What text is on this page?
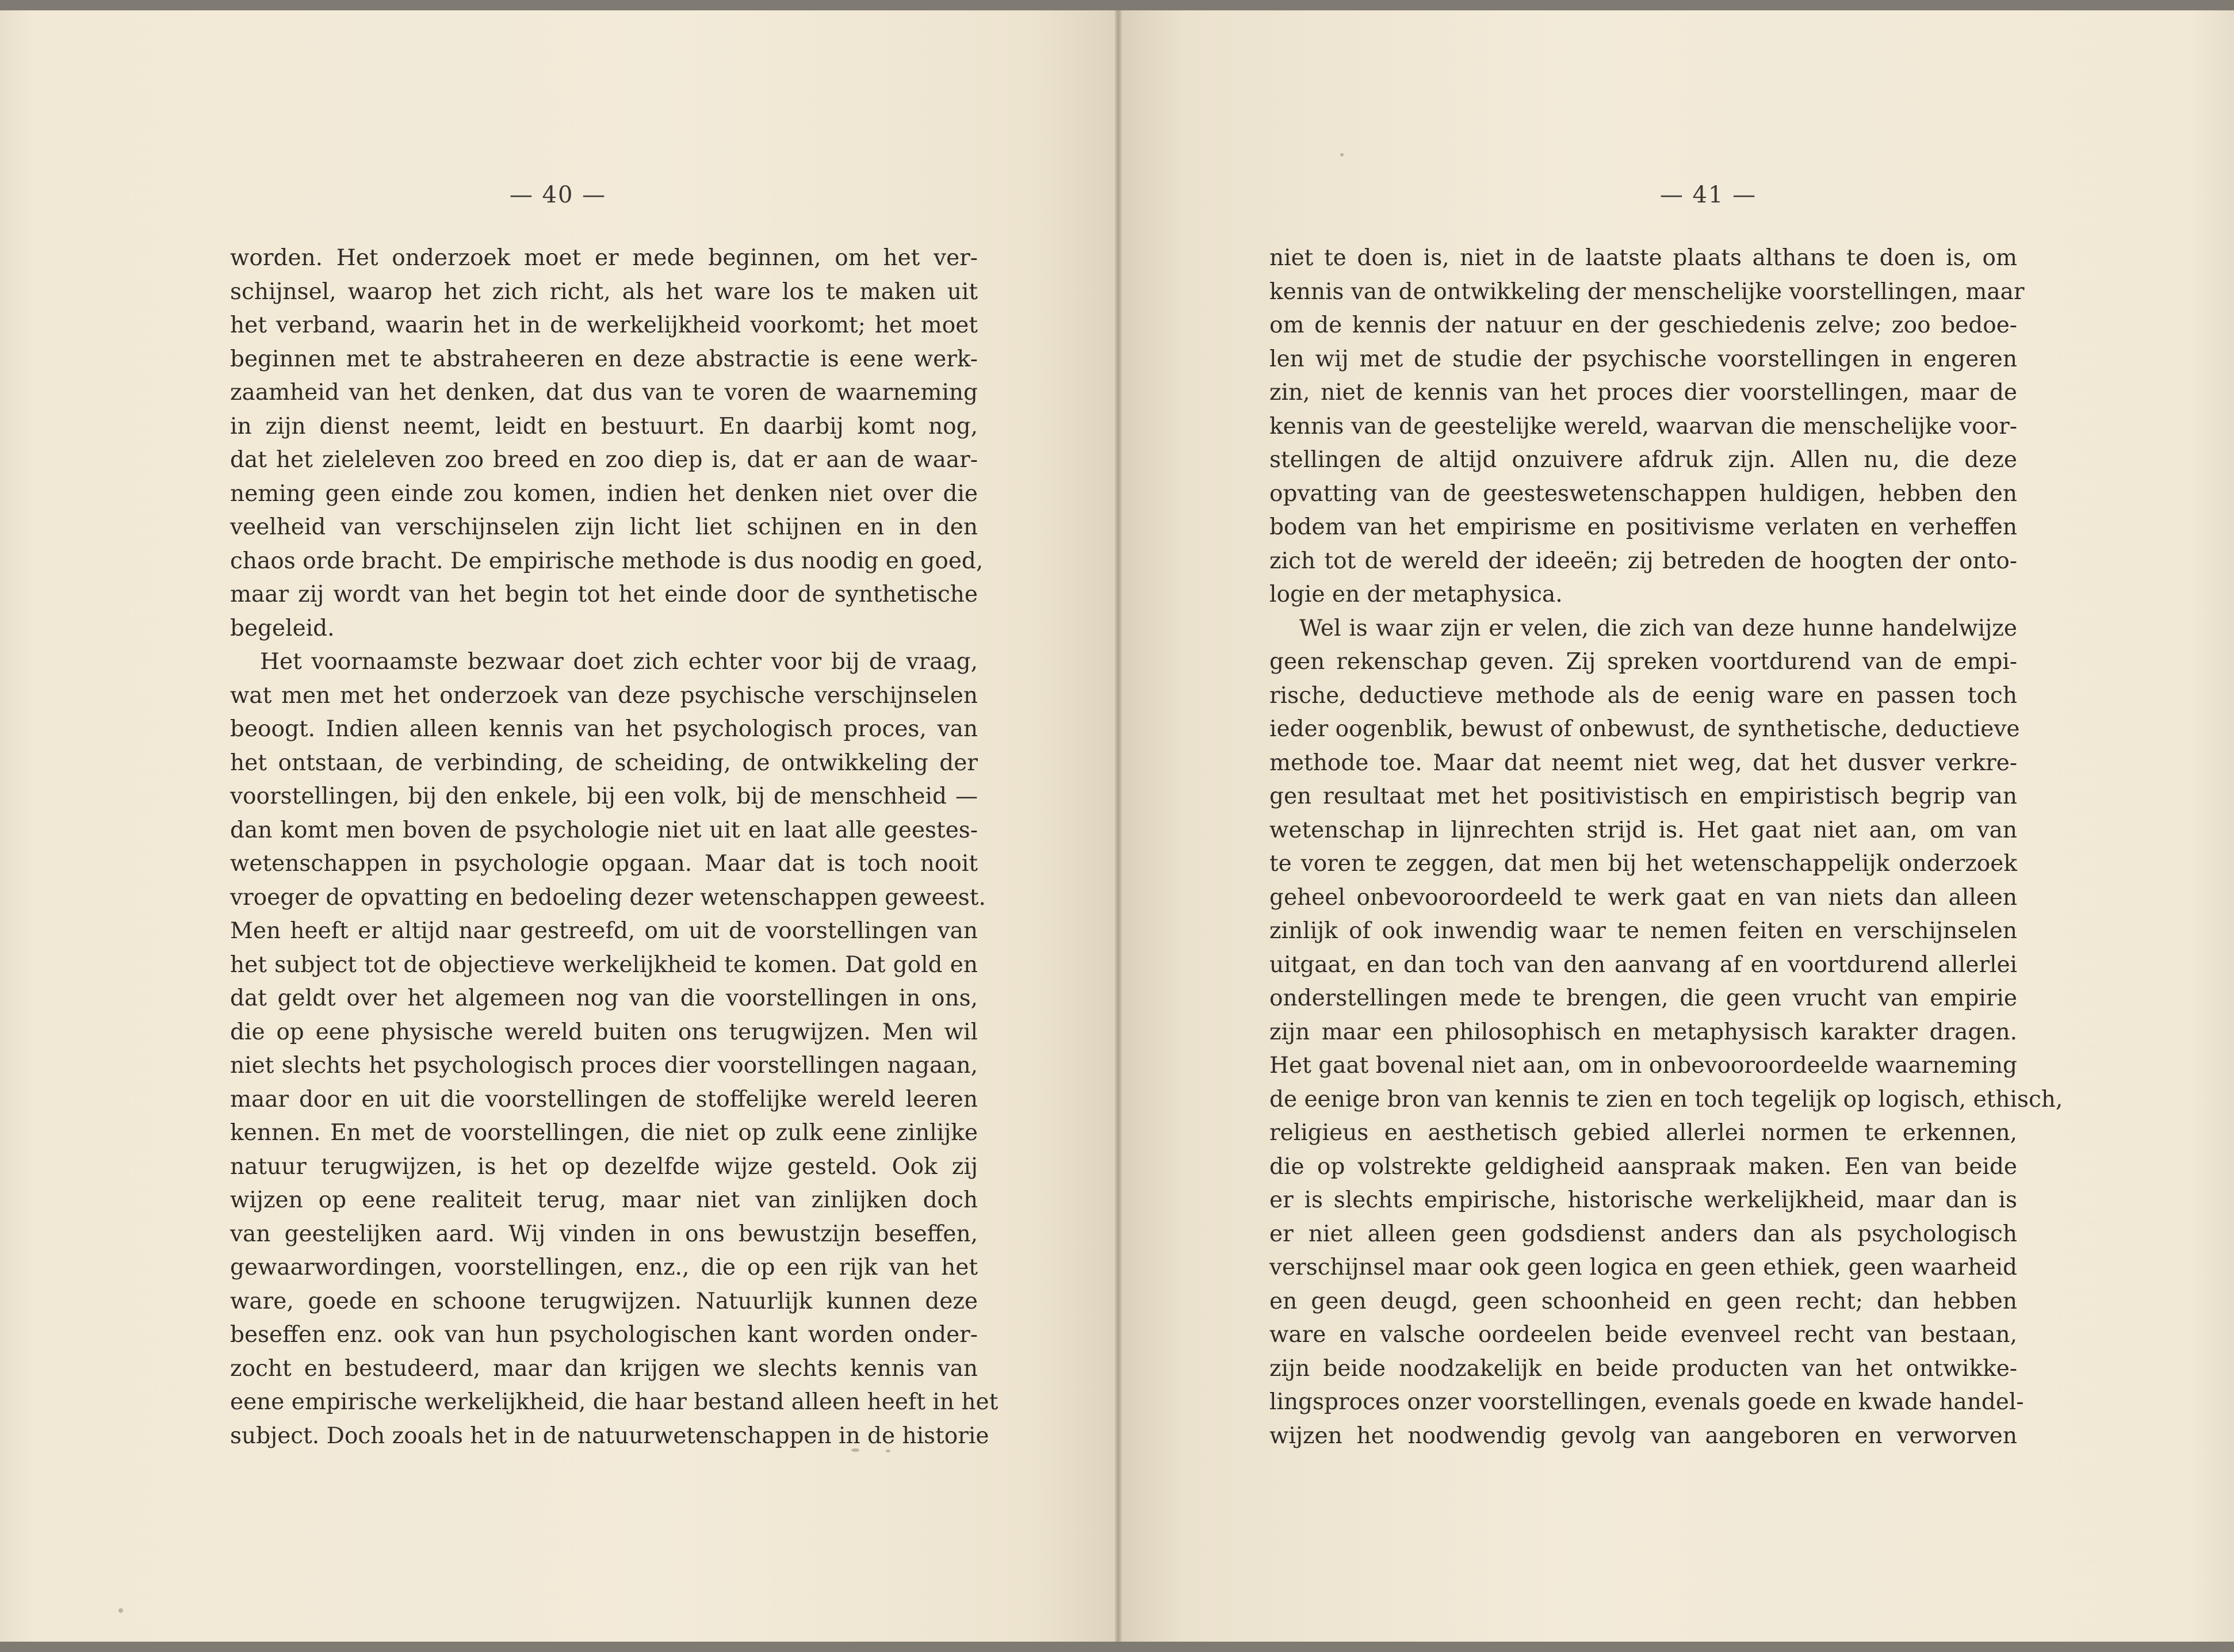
— 40 —
worden. Het onderzoek moet er mede beginnen, om het ver-
schijnsel, waarop het zich richt, als het ware los te maken uit
het verband, waarin het in de werkelijkheid voorkomt; het moet
beginnen met te abstraheeren en deze abstractie is eene werk-
zaamheid van het denken, dat dus van te voren de waarneming
in zijn dienst neemt, leidt en bestuurt. En daarbij komt nog,
dat het zieleleven zoo breed en zoo diep is, dat er aan de waar-
neming geen einde zou komen, indien het denken niet over die
veelheid van verschijnselen zijn licht liet schijnen en in den
chaos orde bracht. De empirische methode is dus noodig en goed,
maar zij wordt van het begin tot het einde door de synthetische
begeleid.
Het voornaamste bezwaar doet zich echter voor bij de vraag,
wat men met het onderzoek van deze psychische verschijnselen
beoogt. Indien alleen kennis van het psychologisch proces, van
het ontstaan, de verbinding, de scheiding, de ontwikkeling der
voorstellingen, bij den enkele, bij een volk, bij de menschheid —
dan komt men boven de psychologie niet uit en laat alle geestes-
wetenschappen in psychologie opgaan. Maar dat is toch nooit
vroeger de opvatting en bedoeling dezer wetenschappen geweest.
Men heeft er altijd naar gestreefd, om uit de voorstellingen van
het subject tot de objectieve werkelijkheid te komen. Dat gold en
dat geldt over het algemeen nog van die voorstellingen in ons,
die op eene physische wereld buiten ons terugwijzen. Men wil
niet slechts het psychologisch proces dier voorstellingen nagaan,
maar door en uit die voorstellingen de stoffelijke wereld leeren
kennen. En met de voorstellingen, die niet op zulk eene zinlijke
natuur terugwijzen, is het op dezelfde wijze gesteld. Ook zij
wijzen op eene realiteit terug, maar niet van zinlijken doch
van geestelijken aard. Wij vinden in ons bewustzijn beseffen,
gewaarwordingen, voorstellingen, enz., die op een rijk van het
ware, goede en schoone terugwijzen. Natuurlijk kunnen deze
beseffen enz. ook van hun psychologischen kant worden onder-
zocht en bestudeerd, maar dan krijgen we slechts kennis van
eene empirische werkelijkheid, die haar bestand alleen heeft in het
subject. Doch zooals het in de natuurwetenschappen in de historie
— 41 —
niet te doen is, niet in de laatste plaats althans te doen is, om
kennis van de ontwikkeling der menschelijke voorstellingen, maar
om de kennis der natuur en der geschiedenis zelve; zoo bedoe-
len wij met de studie der psychische voorstellingen in engeren
zin, niet de kennis van het proces dier voorstellingen, maar de
kennis van de geestelijke wereld, waarvan die menschelijke voor-
stellingen de altijd onzuivere afdruk zijn. Allen nu, die deze
opvatting van de geesteswetenschappen huldigen, hebben den
bodem van het empirisme en positivisme verlaten en verheffen
zich tot de wereld der ideeën; zij betreden de hoogten der onto-
logie en der metaphysica.
Wel is waar zijn er velen, die zich van deze hunne handelwijze
geen rekenschap geven. Zij spreken voortdurend van de empi-
rische, deductieve methode als de eenig ware en passen toch
ieder oogenblik, bewust of onbewust, de synthetische, deductieve
methode toe. Maar dat neemt niet weg, dat het dusver verkre-
gen resultaat met het positivistisch en empiristisch begrip van
wetenschap in lijnrechten strijd is. Het gaat niet aan, om van
te voren te zeggen, dat men bij het wetenschappelijk onderzoek
geheel onbevooroordeeld te werk gaat en van niets dan alleen
zinlijk of ook inwendig waar te nemen feiten en verschijnselen
uitgaat, en dan toch van den aanvang af en voortdurend allerlei
onderstellingen mede te brengen, die geen vrucht van empirie
zijn maar een philosophisch en metaphysisch karakter dragen.
Het gaat bovenal niet aan, om in onbevooroordeelde waarneming
de eenige bron van kennis te zien en toch tegelijk op logisch, ethisch,
religieus en aesthetisch gebied allerlei normen te erkennen,
die op volstrekte geldigheid aanspraak maken. Een van beide
er is slechts empirische, historische werkelijkheid, maar dan is
er niet alleen geen godsdienst anders dan als psychologisch
verschijnsel maar ook geen logica en geen ethiek, geen waarheid
en geen deugd, geen schoonheid en geen recht; dan hebben
ware en valsche oordeelen beide evenveel recht van bestaan,
zijn beide noodzakelijk en beide producten van het ontwikke-
lingsproces onzer voorstellingen, evenals goede en kwade handel-
wijzen het noodwendig gevolg van aangeboren en verworven
